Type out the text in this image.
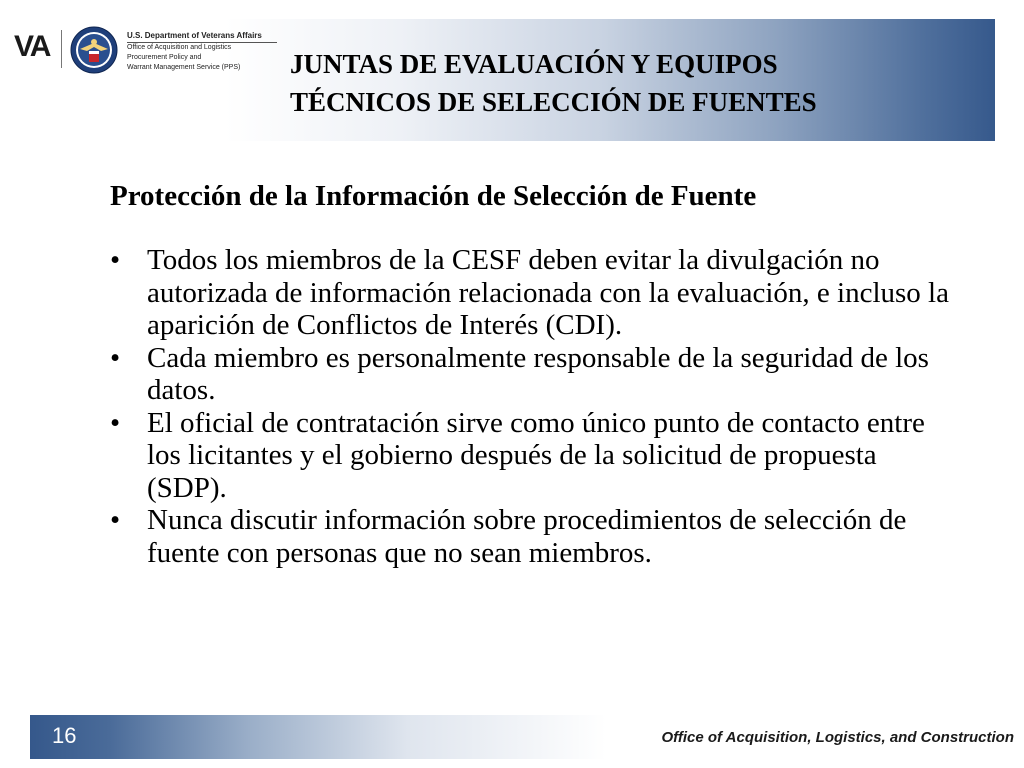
VA	U.S. Department of Veterans Affairs
Office of Acquisition and Logistics
Procurement Policy and
Warrant Management Service (PPS)	JUNTAS DE EVALUACIÓN Y EQUIPOS TÉCNICOS DE SELECCIÓN DE FUENTES
Protección de la Información de Selección de Fuente
• Todos los miembros de la CESF deben evitar la divulgación no autorizada de información relacionada con la evaluación, e incluso la aparición de Conflictos de Interés (CDI).
• Cada miembro es personalmente responsable de la seguridad de los datos.
• El oficial de contratación sirve como único punto de contacto entre los licitantes y el gobierno después de la solicitud de propuesta (SDP).
• Nunca discutir información sobre procedimientos de selección de fuente con personas que no sean miembros.
16	Office of Acquisition, Logistics, and Construction
